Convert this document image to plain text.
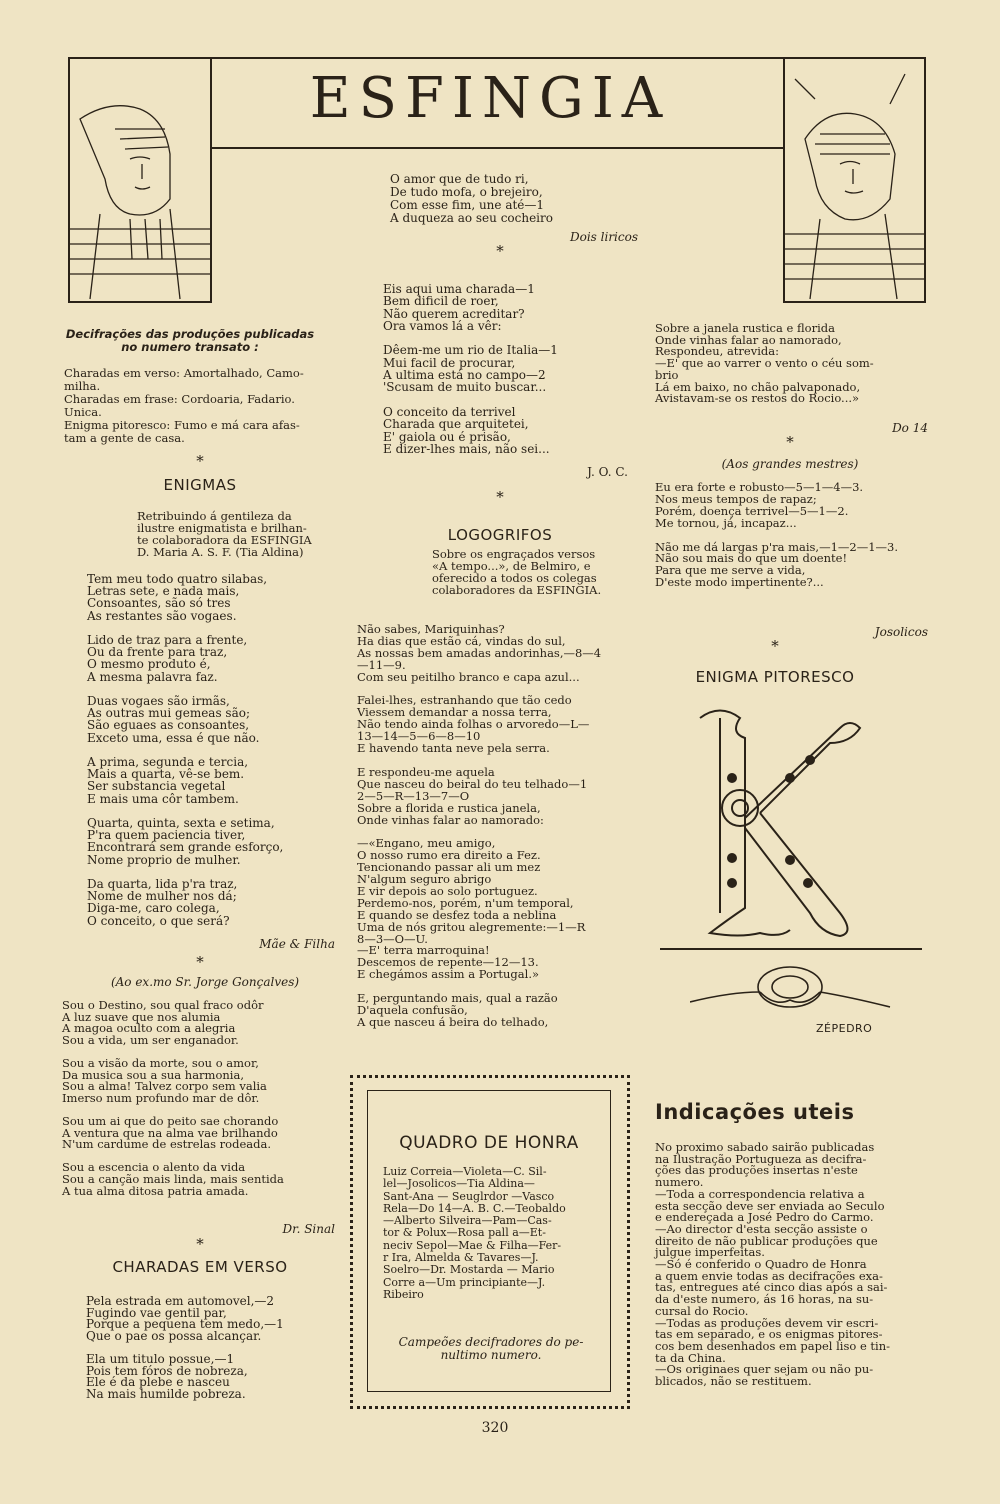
ESFINGIA
Decifrações das produções publicadas
no numero transato :
Charadas em verso: Amortalhado, Camo-
milha.
Charadas em frase: Cordoaria, Fadario.
Unica.
Enigma pitoresco: Fumo e má cara afas-
tam a gente de casa.
*
ENIGMAS
Retribuindo á gentileza da
ilustre enigmatista e brilhan-
te colaboradora da ESFINGIA
D. Maria A. S. F. (Tia Aldina)
Tem meu todo quatro silabas,
Letras sete, e nada mais,
Consoantes, são só tres
As restantes são vogaes.

Lido de traz para a frente,
Ou da frente para traz,
O mesmo produto é,
A mesma palavra faz.

Duas vogaes são irmãs,
As outras mui gemeas são;
São eguaes as consoantes,
Exceto uma, essa é que não.

A prima, segunda e tercia,
Mais a quarta, vê-se bem.
Ser substancia vegetal
E mais uma côr tambem.

Quarta, quinta, sexta e setima,
P'ra quem paciencia tiver,
Encontrará sem grande esforço,
Nome proprio de mulher.

Da quarta, lida p'ra traz,
Nome de mulher nos dá;
Diga-me, caro colega,
O conceito, o que será?
Mãe & Filha
*
(Ao ex.mo Sr. Jorge Gonçalves)
Sou o Destino, sou qual fraco odôr
A luz suave que nos alumia
A magoa oculto com a alegria
Sou a vida, um ser enganador.

Sou a visão da morte, sou o amor,
Da musica sou a sua harmonia,
Sou a alma! Talvez corpo sem valia
Imerso num profundo mar de dôr.

Sou um ai que do peito sae chorando
A ventura que na alma vae brilhando
N'um cardume de estrelas rodeada.

Sou a escencia o alento da vida
Sou a canção mais linda, mais sentida
A tua alma ditosa patria amada.
Dr. Sinal
*
CHARADAS EM VERSO
Pela estrada em automovel,—2
Fugindo vae gentil par,
Porque a pequena tem medo,—1
Que o pae os possa alcançar.

Ela um titulo possue,—1
Pois tem fóros de nobreza,
Ele é da plebe e nasceu
Na mais humilde pobreza.
O amor que de tudo ri,
De tudo mofa, o brejeiro,
Com esse fim, une até—1
A duqueza ao seu cocheiro
Dois liricos
*
Eis aqui uma charada—1
Bem dificil de roer,
Não querem acreditar?
Ora vamos lá a vêr:

Dêem-me um rio de Italia—1
Mui facil de procurar,
A ultima está no campo—2
'Scusam de muito buscar...

O conceito da terrivel
Charada que arquitetei,
E' gaiola ou é prisão,
E dizer-lhes mais, não sei...
J. O. C.
*
LOGOGRIFOS
Sobre os engraçados versos
«A tempo...», de Belmiro, e
oferecido a todos os colegas
colaboradores da ESFINGIA.
Não sabes, Mariquinhas?
Ha dias que estão cá, vindas do sul,
As nossas bem amadas andorinhas,—8—4
—11—9.
Com seu peitilho branco e capa azul...

Falei-lhes, estranhando que tão cedo
Viessem demandar a nossa terra,
Não tendo ainda folhas o arvoredo—L—
13—14—5—6—8—10
E havendo tanta neve pela serra.

E respondeu-me aquela
Que nasceu do beiral do teu telhado—1
2—5—R—13—7—O
Sobre a florida e rustica janela,
Onde vinhas falar ao namorado:

—«Engano, meu amigo,
O nosso rumo era direito a Fez.
Tencionando passar ali um mez
N'algum seguro abrigo
E vir depois ao solo portuguez.
Perdemo-nos, porém, n'um temporal,
E quando se desfez toda a neblina
Uma de nós gritou alegremente:—1—R
8—3—O—U.
—E' terra marroquina!
Descemos de repente—12—13.
E chegámos assim a Portugal.»

E, perguntando mais, qual a razão
D'aquela confusão,
A que nasceu á beira do telhado,
QUADRO DE HONRA
Luiz Correia—Violeta—C. Sil-
lel—Josolicos—Tia Aldina—
Sant-Ana — Seuglrdor —Vasco
Rela—Do 14—A. B. C.—Teobaldo
—Alberto Silveira—Pam—Cas-
tor & Polux—Rosa pall a—Et-
neciv Sepol—Mae & Filha—Fer-
r Ira, Almelda & Tavares—J.
Soelro—Dr. Mostarda — Mario
Corre a—Um principiante—J.
Ribeiro
Campeões decifradores do pe-
nultimo numero.
320
Sobre a janela rustica e florida
Onde vinhas falar ao namorado,
Respondeu, atrevida:
—E' que ao varrer o vento o céu som-
brio
Lá em baixo, no chão palvaponado,
Avistavam-se os restos do Rocio...»
Do 14
*
(Aos grandes mestres)
Eu era forte e robusto—5—1—4—3.
Nos meus tempos de rapaz;
Porém, doença terrivel—5—1—2.
Me tornou, já, incapaz...

Não me dá largas p'ra mais,—1—2—1—3.
Não sou mais do que um doente!
Para que me serve a vida,
D'este modo impertinente?...
Josolicos
*
ENIGMA PITORESCO
ZÉPEDRO
Indicações uteis
No proximo sabado sairão publicadas
na Ilustração Portugueza as decifra-
ções das produções insertas n'este
numero.
—Toda a correspondencia relativa a
esta secção deve ser enviada ao Seculo
e endereçada a José Pedro do Carmo.
—Ao director d'esta secção assiste o
direito de não publicar produções que
julgue imperfeitas.
—Só é conferido o Quadro de Honra
a quem envie todas as decifrações exa-
tas, entregues até cinco dias após a sai-
da d'este numero, ás 16 horas, na su-
cursal do Rocio.
—Todas as produções devem vir escri-
tas em separado, e os enigmas pitores-
cos bem desenhados em papel liso e tin-
ta da China.
—Os originaes quer sejam ou não pu-
blicados, não se restituem.
